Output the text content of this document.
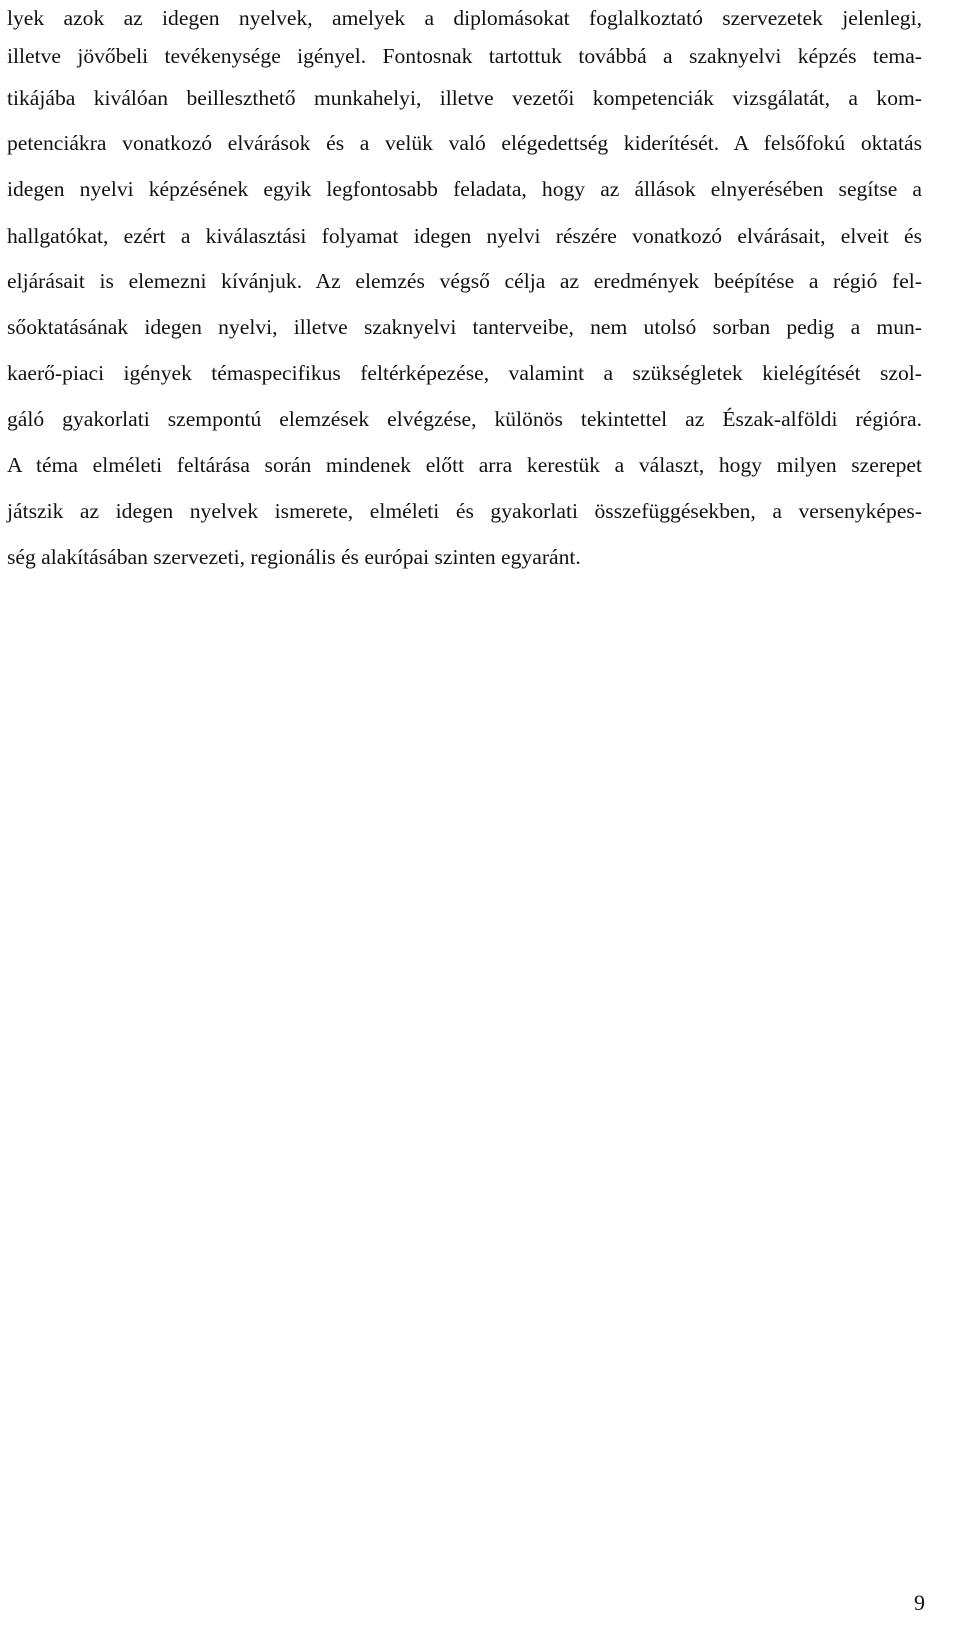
lyek azok az idegen nyelvek, amelyek a diplomásokat foglalkoztató szervezetek jelenlegi,
illetve jövőbeli tevékenysége igényel. Fontosnak tartottuk továbbá a szaknyelvi képzés tema-
tikájába kiválóan beilleszthető munkahelyi, illetve vezetői kompetenciák vizsgálatát, a kom-
petenciákra vonatkozó elvárások és a velük való elégedettség kiderítését. A felsőfokú oktatás
idegen nyelvi képzésének egyik legfontosabb feladata, hogy az állások elnyerésében segítse a
hallgatókat, ezért a kiválasztási folyamat idegen nyelvi részére vonatkozó elvárásait, elveit és
eljárásait is elemezni kívánjuk. Az elemzés végső célja az eredmények beépítése a régió fel-
sőoktatásának idegen nyelvi, illetve szaknyelvi tanterveibe, nem utolsó sorban pedig a mun-
kaerő-piaci igények témaspecifikus feltérképezése, valamint a szükségletek kielégítését szol-
gáló gyakorlati szempontú elemzések elvégzése, különös tekintettel az Észak-alföldi régióra.
A téma elméleti feltárása során mindenek előtt arra kerestük a választ, hogy milyen szerepet
játszik az idegen nyelvek ismerete, elméleti és gyakorlati összefüggésekben, a versenyképes-
ség alakításában szervezeti, regionális és európai szinten egyaránt.
9
